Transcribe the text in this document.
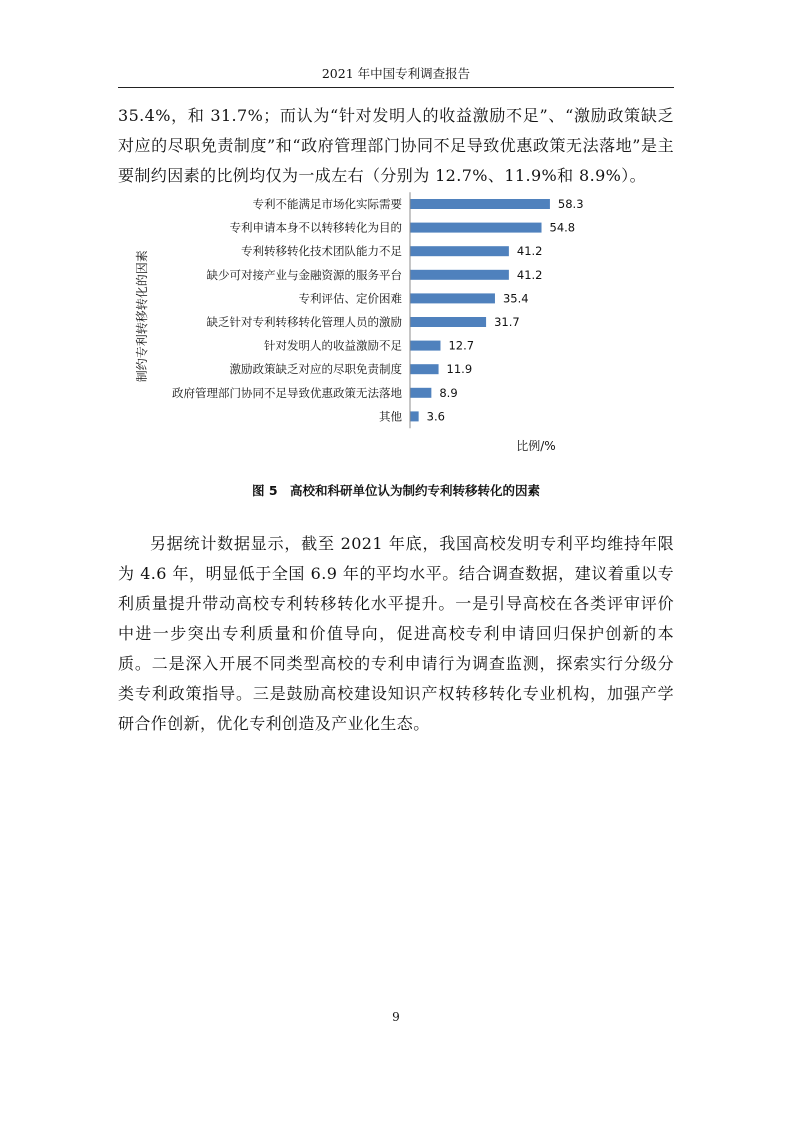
2021 年中国专利调查报告

35.4%，和 31.7%；而认为“针对发明人的收益激励不足”、“激励政策缺乏对应的尽职免责制度”和“政府管理部门协同不足导致优惠政策无法落地”是主要制约因素的比例均仅为一成左右（分别为 12.7%、11.9%和 8.9%）。

专利不能满足市场化实际需要	58.3
专利申请本身不以转移转化为目的	54.8
专利转移转化技术团队能力不足	41.2
缺少可对接产业与金融资源的服务平台	41.2
专利评估、定价困难	35.4
缺乏针对专利转移转化管理人员的激励	31.7
针对发明人的收益激励不足	12.7
激励政策缺乏对应的尽职免责制度	11.9
政府管理部门协同不足导致优惠政策无法落地	8.9
其他 3.6
制约专利转移转化的因素
比例/%
图 5　高校和科研单位认为制约专利转移转化的因素

另据统计数据显示，截至 2021 年底，我国高校发明专利平均维持年限为 4.6 年，明显低于全国 6.9 年的平均水平。结合调查数据，建议着重以专利质量提升带动高校专利转移转化水平提升。一是引导高校在各类评审评价中进一步突出专利质量和价值导向，促进高校专利申请回归保护创新的本质。二是深入开展不同类型高校的专利申请行为调查监测，探索实行分级分类专利政策指导。三是鼓励高校建设知识产权转移转化专业机构，加强产学研合作创新，优化专利创造及产业化生态。

9
